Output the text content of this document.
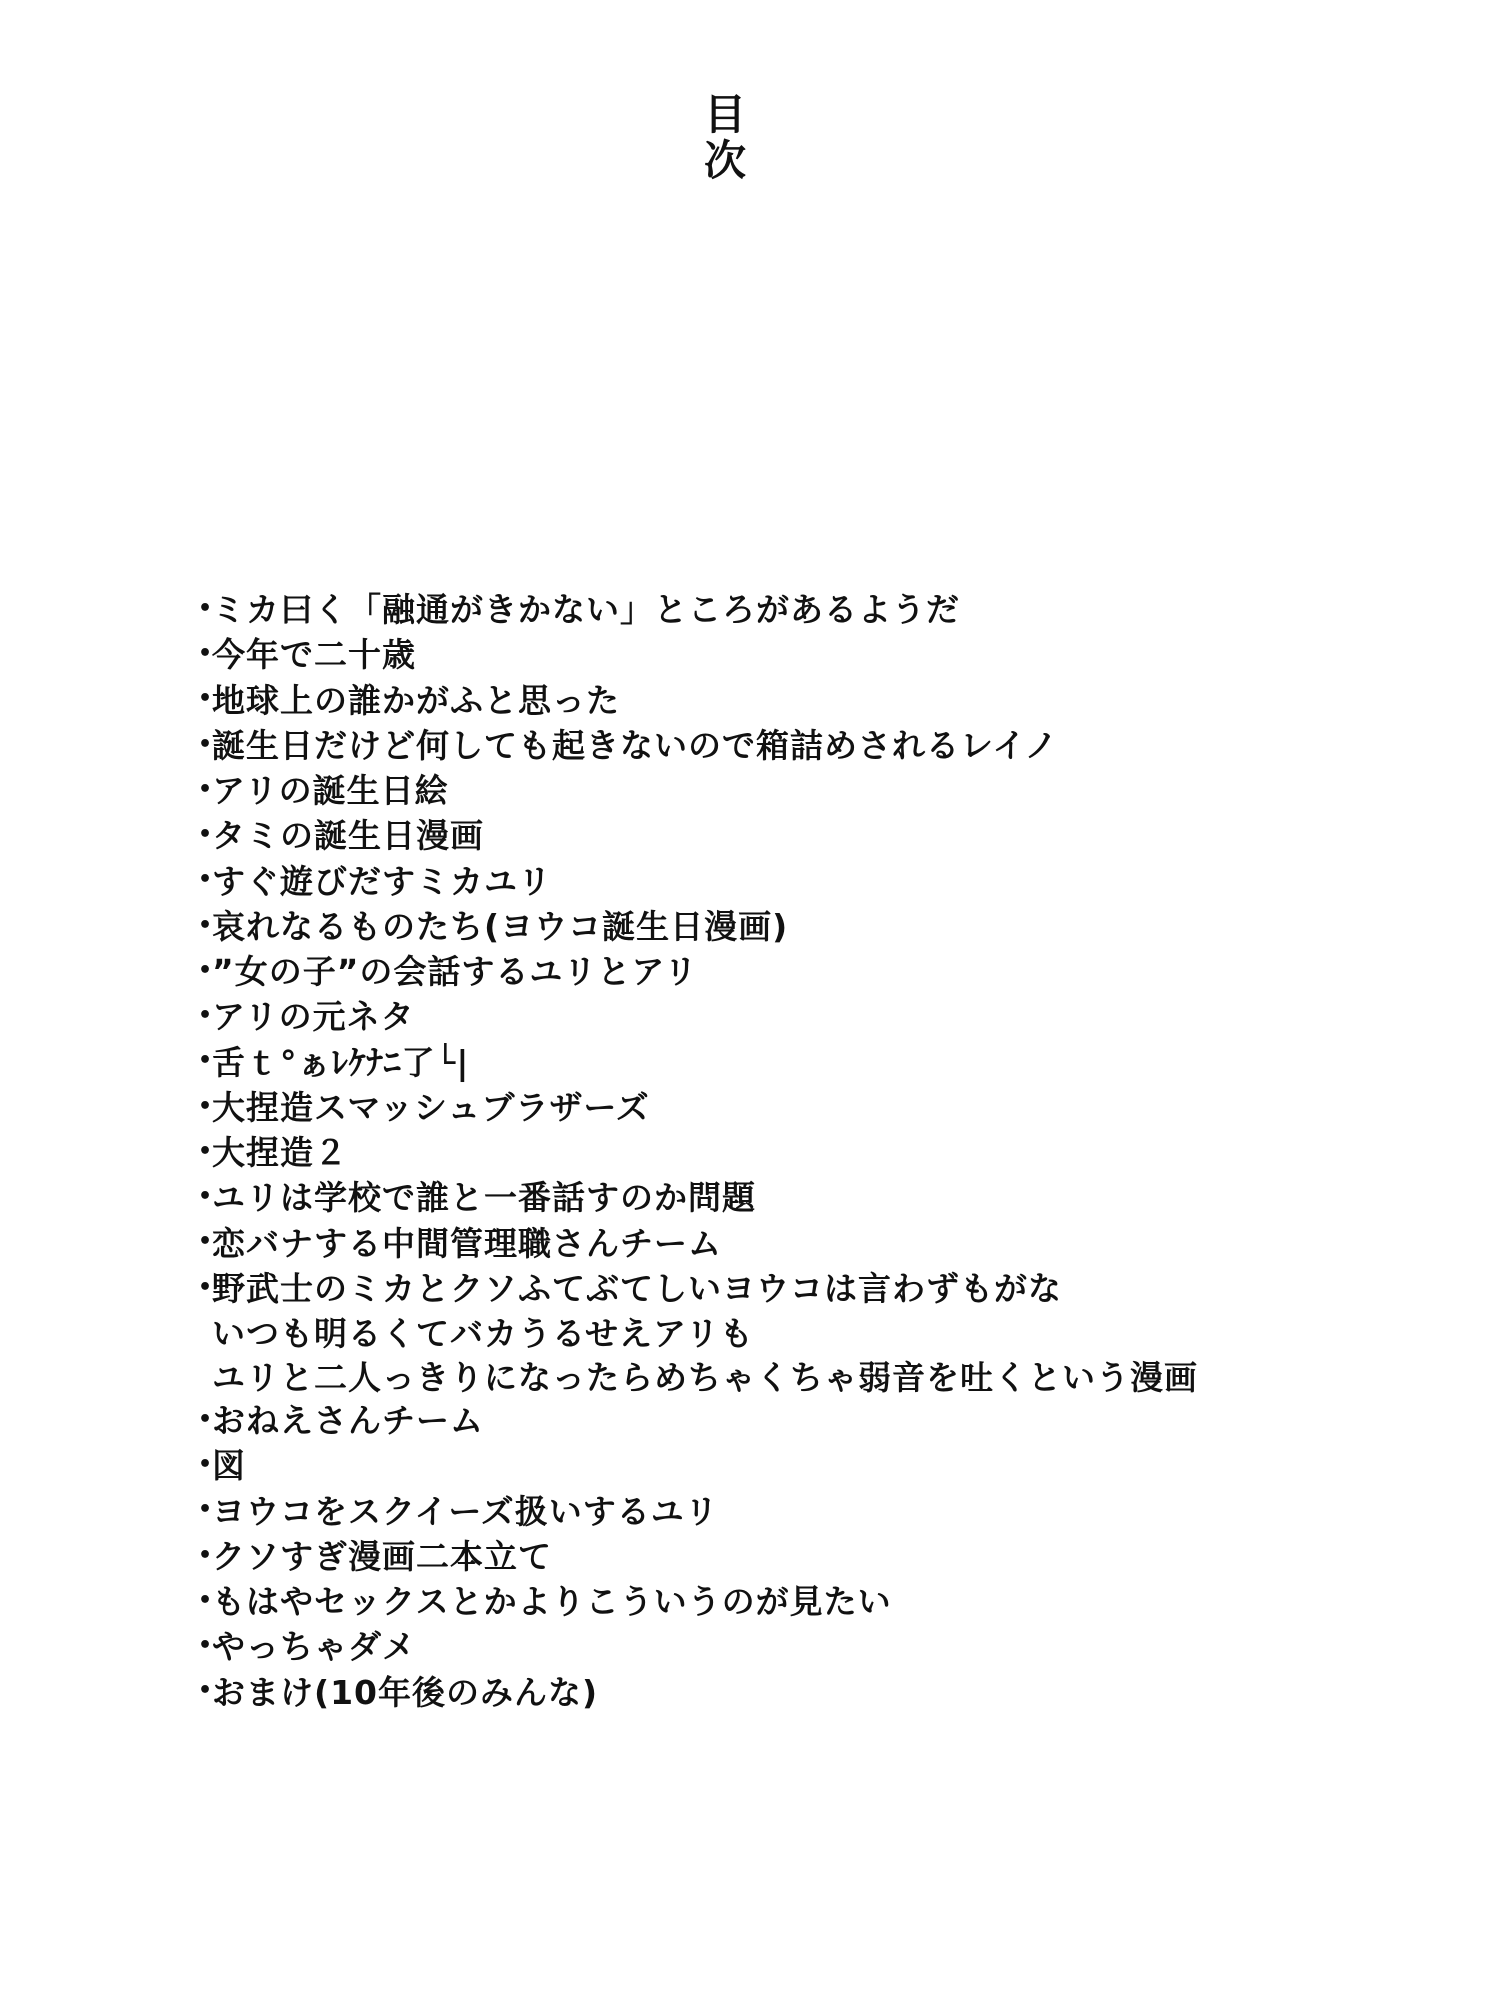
目
次
•ミカ曰く「融通がきかない」ところがあるようだ
•今年で二十歳
•地球上の誰かがふと思った
•誕生日だけど何しても起きないので箱詰めされるレイノ
•アリの誕生日絵
•タミの誕生日漫画
•すぐ遊びだすミカユリ
•哀れなるものたち(ヨウコ誕生日漫画)
•”女の子”の会話するユリとアリ
•アリの元ネタ
•舌ｔ°ぁﾚｹﾅﾆ了└|
•大捏造スマッシュブラザーズ
•大捏造２
•ユリは学校で誰と一番話すのか問題
•恋バナする中間管理職さんチーム
•野武士のミカとクソふてぶてしいヨウコは言わずもがな
いつも明るくてバカうるせえアリも
ユリと二人っきりになったらめちゃくちゃ弱音を吐くという漫画
•おねえさんチーム
•図
•ヨウコをスクイーズ扱いするユリ
•クソすぎ漫画二本立て
•もはやセックスとかよりこういうのが見たい
•やっちゃダメ
•おまけ(10年後のみんな)
